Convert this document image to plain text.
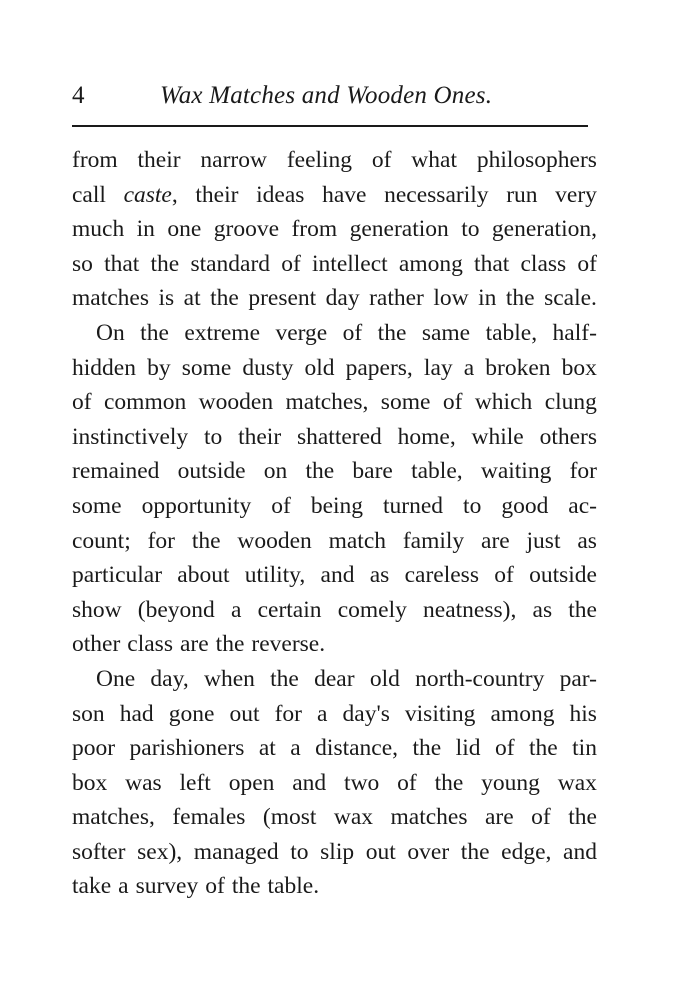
4	Wax Matches and Wooden Ones.
from their narrow feeling of what philosophers
call caste, their ideas have necessarily run very
much in one groove from generation to generation,
so that the standard of intellect among that class of
matches is at the present day rather low in the scale.
On the extreme verge of the same table, half-
hidden by some dusty old papers, lay a broken box
of common wooden matches, some of which clung
instinctively to their shattered home, while others
remained outside on the bare table, waiting for
some opportunity of being turned to good ac-
count; for the wooden match family are just as
particular about utility, and as careless of outside
show (beyond a certain comely neatness), as the
other class are the reverse.
One day, when the dear old north-country par-
son had gone out for a day's visiting among his
poor parishioners at a distance, the lid of the tin
box was left open and two of the young wax
matches, females (most wax matches are of the
softer sex), managed to slip out over the edge, and
take a survey of the table.
